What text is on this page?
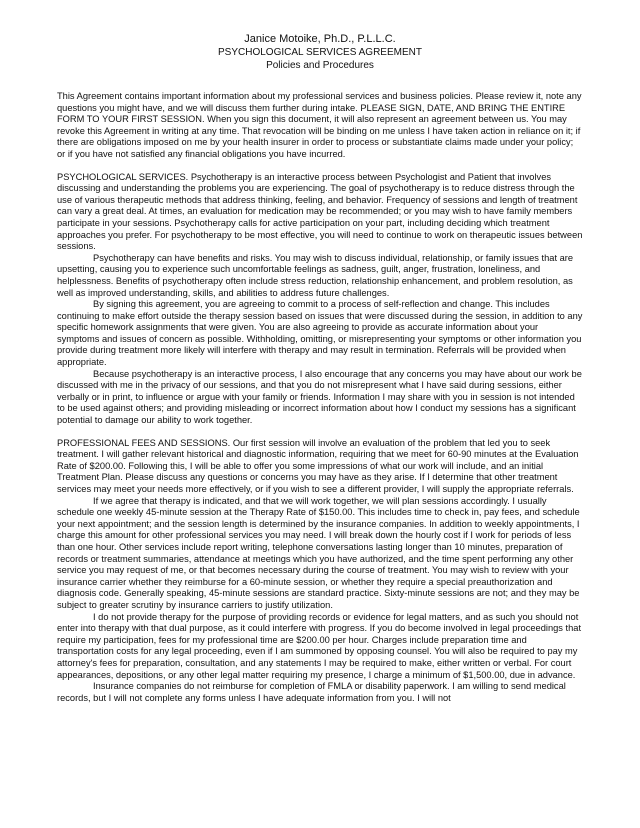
Janice Motoike, Ph.D., P.L.L.C.
PSYCHOLOGICAL SERVICES AGREEMENT
Policies and Procedures

This Agreement contains important information about my professional services and business policies. Please review it, note any questions you might have, and we will discuss them further during intake. PLEASE SIGN, DATE, AND BRING THE ENTIRE FORM TO YOUR FIRST SESSION. When you sign this document, it will also represent an agreement between us. You may revoke this Agreement in writing at any time. That revocation will be binding on me unless I have taken action in reliance on it; if there are obligations imposed on me by your health insurer in order to process or substantiate claims made under your policy; or if you have not satisfied any financial obligations you have incurred.

PSYCHOLOGICAL SERVICES. Psychotherapy is an interactive process between Psychologist and Patient that involves discussing and understanding the problems you are experiencing. The goal of psychotherapy is to reduce distress through the use of various therapeutic methods that address thinking, feeling, and behavior. Frequency of sessions and length of treatment can vary a great deal. At times, an evaluation for medication may be recommended; or you may wish to have family members participate in your sessions. Psychotherapy calls for active participation on your part, including deciding which treatment approaches you prefer. For psychotherapy to be most effective, you will need to continue to work on therapeutic issues between sessions.

Psychotherapy can have benefits and risks. You may wish to discuss individual, relationship, or family issues that are upsetting, causing you to experience such uncomfortable feelings as sadness, guilt, anger, frustration, loneliness, and helplessness. Benefits of psychotherapy often include stress reduction, relationship enhancement, and problem resolution, as well as improved understanding, skills, and abilities to address future challenges.

By signing this agreement, you are agreeing to commit to a process of self-reflection and change. This includes continuing to make effort outside the therapy session based on issues that were discussed during the session, in addition to any specific homework assignments that were given. You are also agreeing to provide as accurate information about your symptoms and issues of concern as possible. Withholding, omitting, or misrepresenting your symptoms or other information you provide during treatment more likely will interfere with therapy and may result in termination. Referrals will be provided when appropriate.

Because psychotherapy is an interactive process, I also encourage that any concerns you may have about our work be discussed with me in the privacy of our sessions, and that you do not misrepresent what I have said during sessions, either verbally or in print, to influence or argue with your family or friends. Information I may share with you in session is not intended to be used against others; and providing misleading or incorrect information about how I conduct my sessions has a significant potential to damage our ability to work together.

PROFESSIONAL FEES AND SESSIONS. Our first session will involve an evaluation of the problem that led you to seek treatment. I will gather relevant historical and diagnostic information, requiring that we meet for 60-90 minutes at the Evaluation Rate of $200.00. Following this, I will be able to offer you some impressions of what our work will include, and an initial Treatment Plan. Please discuss any questions or concerns you may have as they arise. If I determine that other treatment services may meet your needs more effectively, or if you wish to see a different provider, I will supply the appropriate referrals.

If we agree that therapy is indicated, and that we will work together, we will plan sessions accordingly. I usually schedule one weekly 45-minute session at the Therapy Rate of $150.00. This includes time to check in, pay fees, and schedule your next appointment; and the session length is determined by the insurance companies. In addition to weekly appointments, I charge this amount for other professional services you may need. I will break down the hourly cost if I work for periods of less than one hour. Other services include report writing, telephone conversations lasting longer than 10 minutes, preparation of records or treatment summaries, attendance at meetings which you have authorized, and the time spent performing any other service you may request of me, or that becomes necessary during the course of treatment. You may wish to review with your insurance carrier whether they reimburse for a 60-minute session, or whether they require a special preauthorization and diagnosis code. Generally speaking, 45-minute sessions are standard practice. Sixty-minute sessions are not; and they may be subject to greater scrutiny by insurance carriers to justify utilization.

I do not provide therapy for the purpose of providing records or evidence for legal matters, and as such you should not enter into therapy with that dual purpose, as it could interfere with progress. If you do become involved in legal proceedings that require my participation, fees for my professional time are $200.00 per hour. Charges include preparation time and transportation costs for any legal proceeding, even if I am summoned by opposing counsel. You will also be required to pay my attorney's fees for preparation, consultation, and any statements I may be required to make, either written or verbal. For court appearances, depositions, or any other legal matter requiring my presence, I charge a minimum of $1,500.00, due in advance.

Insurance companies do not reimburse for completion of FMLA or disability paperwork. I am willing to send medical records, but I will not complete any forms unless I have adequate information from you. I will not
